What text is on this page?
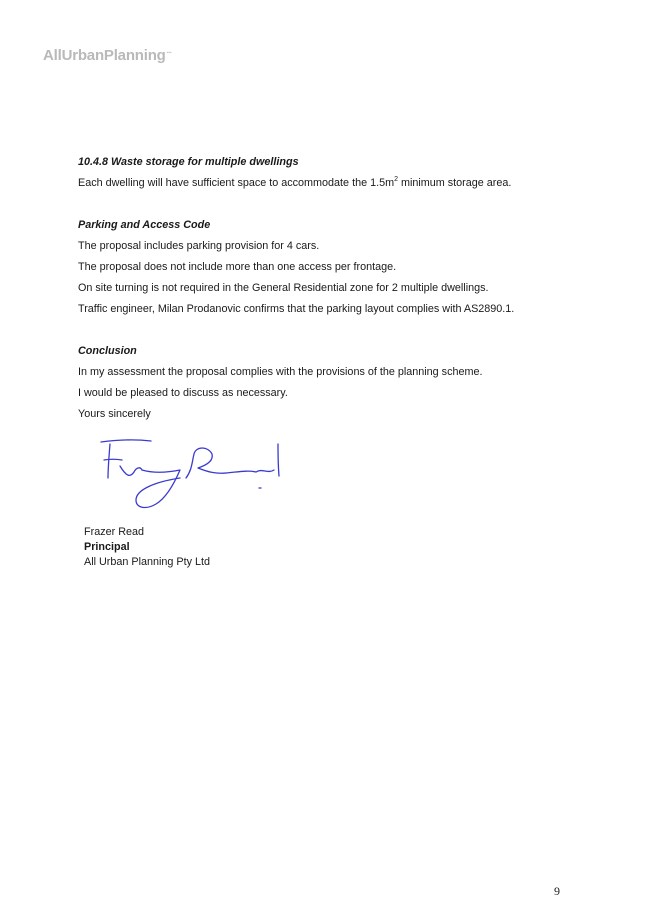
AllUrbanPlanning▪▪▪

10.4.8 Waste storage for multiple dwellings

Each dwelling will have sufficient space to accommodate the $1.5m^2$ minimum storage area.

Parking and Access Code

The proposal includes parking provision for 4 cars.

The proposal does not include more than one access per frontage.

On site turning is not required in the General Residential zone for 2 multiple dwellings.

Traffic engineer, Milan Prodanovic confirms that the parking layout complies with AS2890.1.

Conclusion

In my assessment the proposal complies with the provisions of the planning scheme.

I would be pleased to discuss as necessary.

Yours sincerely

Frazer Read
Principal
All Urban Planning Pty Ltd
9
